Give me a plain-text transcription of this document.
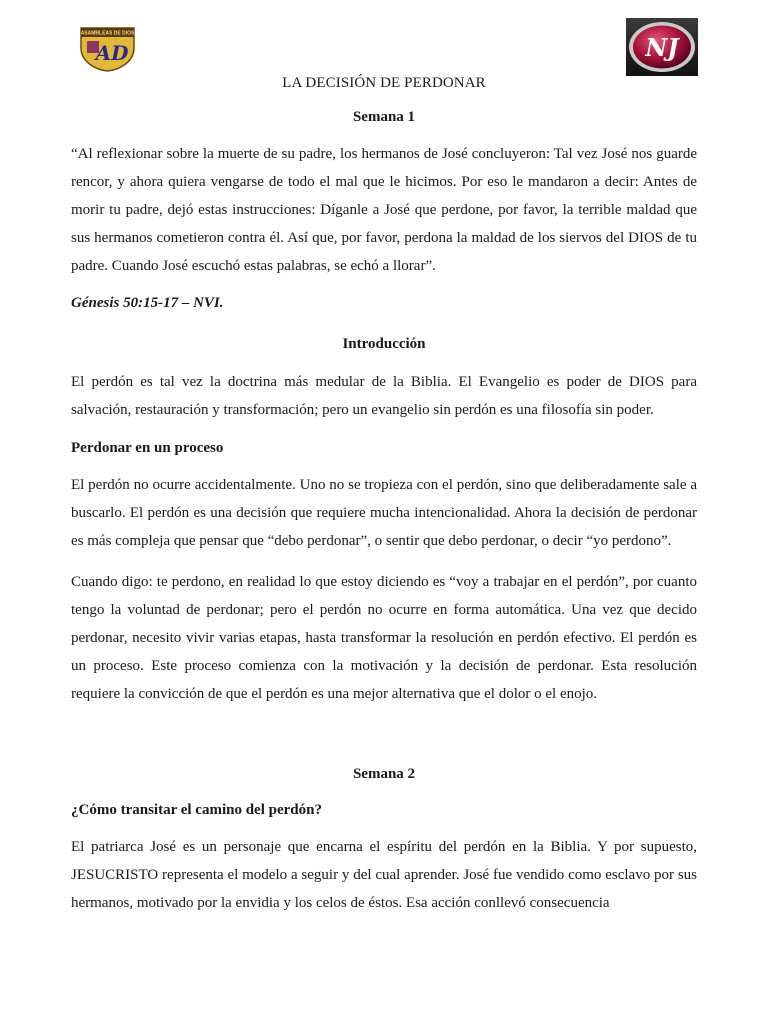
ASAMBLEAS DE DIOS
AD	NJ
LA DECISIÓN DE PERDONAR

Semana 1

“Al reflexionar sobre la muerte de su padre, los hermanos de José concluyeron: Tal vez José nos guarde rencor, y ahora quiera vengarse de todo el mal que le hicimos. Por eso le mandaron a decir: Antes de morir tu padre, dejó estas instrucciones: Díganle a José que perdone, por favor, la terrible maldad que sus hermanos cometieron contra él. Así que, por favor, perdona la maldad de los siervos del DIOS de tu padre. Cuando José escuchó estas palabras, se echó a llorar”.

Génesis 50:15-17 – NVI.

Introducción

El perdón es tal vez la doctrina más medular de la Biblia. El Evangelio es poder de DIOS para salvación, restauración y transformación; pero un evangelio sin perdón es una filosofía sin poder.

Perdonar en un proceso

El perdón no ocurre accidentalmente. Uno no se tropieza con el perdón, sino que deliberadamente sale a buscarlo. El perdón es una decisión que requiere mucha intencionalidad. Ahora la decisión de perdonar es más compleja que pensar que “debo perdonar”, o sentir que debo perdonar, o decir “yo perdono”.

Cuando digo: te perdono, en realidad lo que estoy diciendo es “voy a trabajar en el perdón”, por cuanto tengo la voluntad de perdonar; pero el perdón no ocurre en forma automática. Una vez que decido perdonar, necesito vivir varias etapas, hasta transformar la resolución en perdón efectivo. El perdón es un proceso. Este proceso comienza con la motivación y la decisión de perdonar. Esta resolución requiere la convicción de que el perdón es una mejor alternativa que el dolor o el enojo.

Semana 2

¿Cómo transitar el camino del perdón?

El patriarca José es un personaje que encarna el espíritu del perdón en la Biblia. Y por supuesto, JESUCRISTO representa el modelo a seguir y del cual aprender. José fue vendido como esclavo por sus hermanos, motivado por la envidia y los celos de éstos. Esa acción conllevó consecuencia
